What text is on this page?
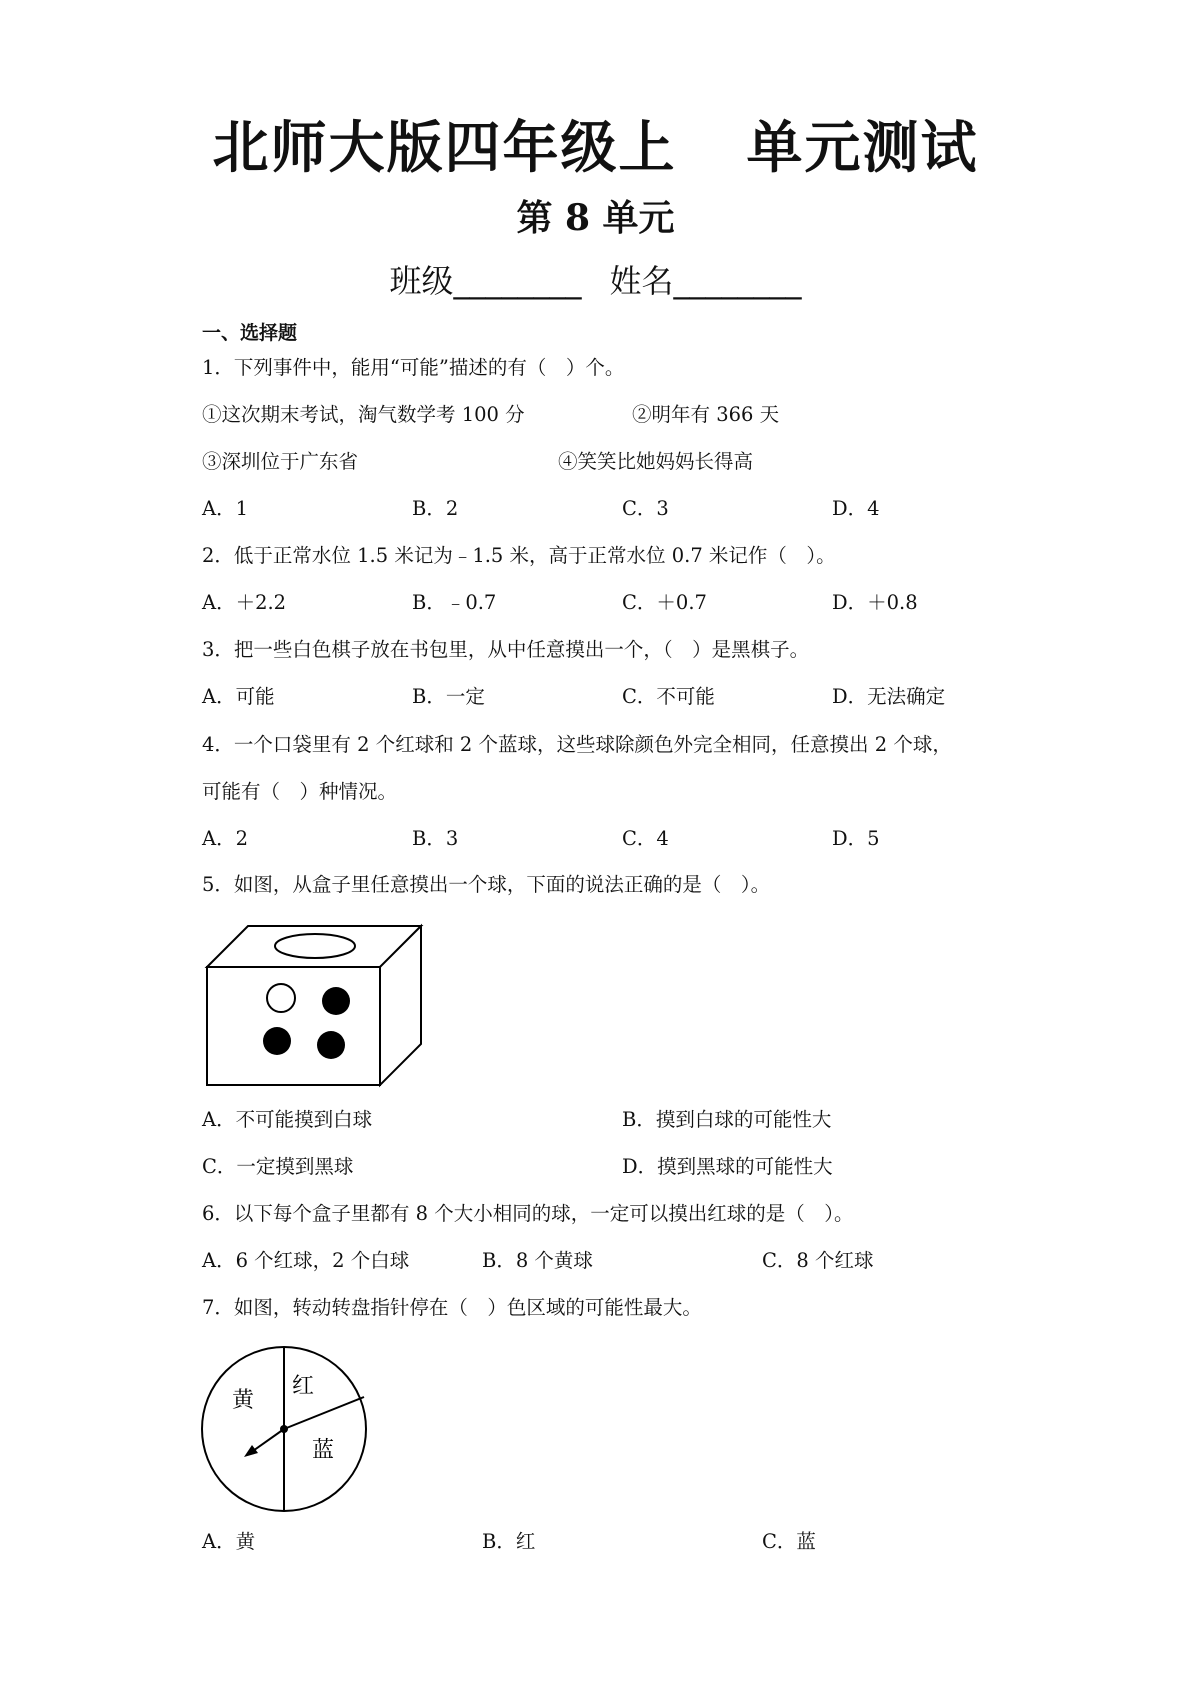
北师大版四年级上 单元测试
第 8 单元
班级________ 姓名________
一、选择题
1．下列事件中，能用“可能”描述的有（　）个。
①这次期末考试，淘气数学考 100 分	②明年有 366 天
③深圳位于广东省	④笑笑比她妈妈长得高
A．1	B．2	C．3	D．4
2．低于正常水位 1.5 米记为﹣1.5 米，高于正常水位 0.7 米记作（　）。
A．＋2.2	B．﹣0.7	C．＋0.7	D．＋0.8
3．把一些白色棋子放在书包里，从中任意摸出一个，（　）是黑棋子。
A．可能	B．一定	C．不可能	D．无法确定
4．一个口袋里有 2 个红球和 2 个蓝球，这些球除颜色外完全相同，任意摸出 2 个球，
可能有（　）种情况。
A．2	B．3	C．4	D．5
5．如图，从盒子里任意摸出一个球，下面的说法正确的是（　）。
A．不可能摸到白球	B．摸到白球的可能性大
C．一定摸到黑球	D．摸到黑球的可能性大
6．以下每个盒子里都有 8 个大小相同的球，一定可以摸出红球的是（　）。
A．6 个红球，2 个白球	B．8 个黄球	C．8 个红球
7．如图，转动转盘指针停在（　）色区域的可能性最大。
黄
红
蓝
A．黄	B．红	C．蓝
